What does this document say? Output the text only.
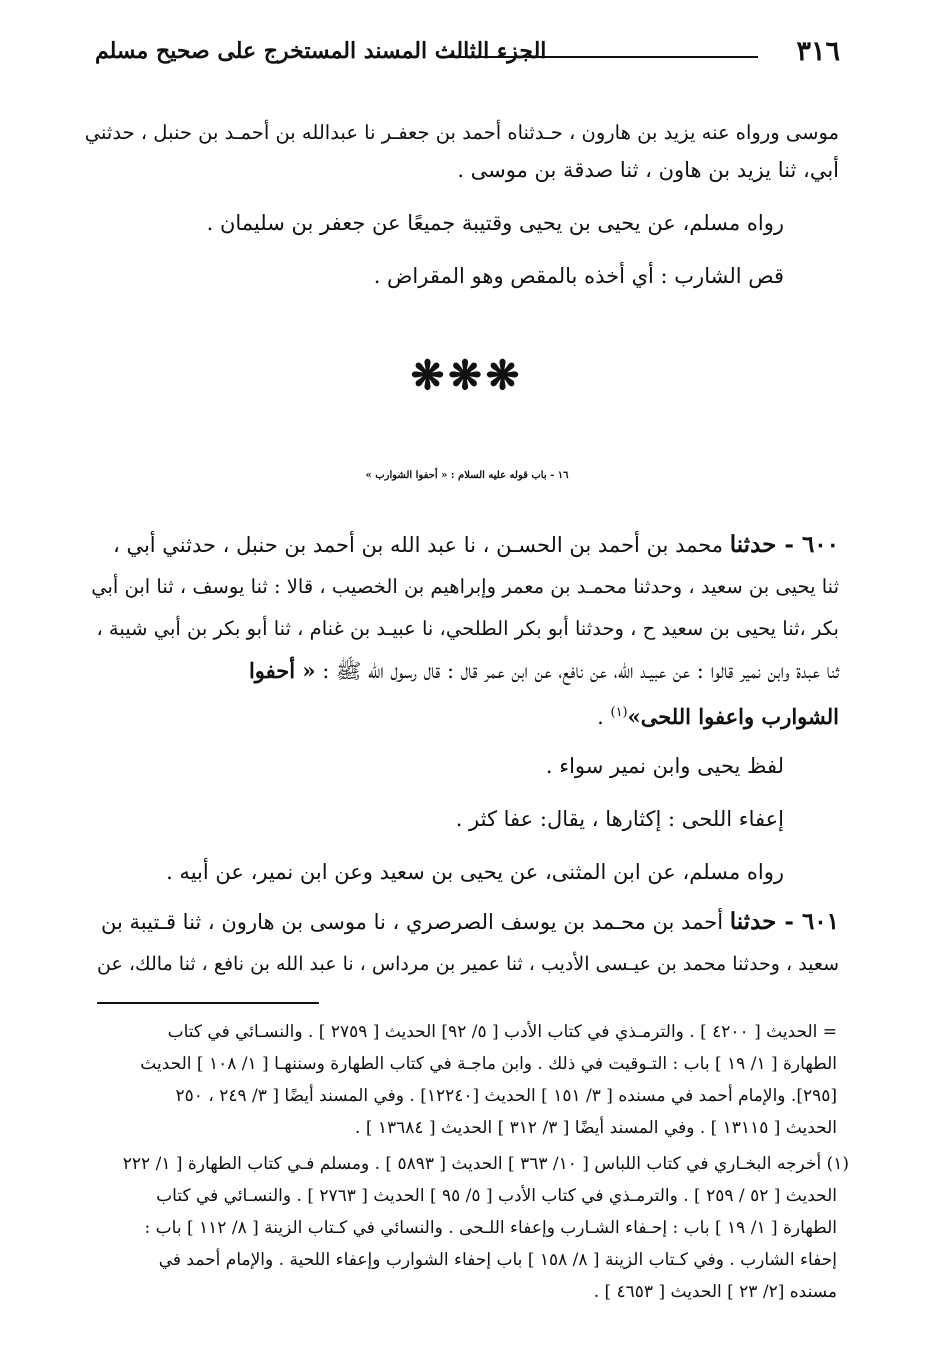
٣١٦
الجزء الثالث المسند المستخرج على صحيح مسلم
موسى ورواه عنه يزيد بن هارون ، حـدثناه أحمد بن جعفـر نا عبدالله بن أحمـد بن حنبل ، حدثني
أبي، ثنا يزيد بن هاون ، ثنا صدقة بن موسى .
رواه مسلم، عن يحيى بن يحيى وقتيبة جميعًا عن جعفر بن سليمان .
قص الشارب : أي أخذه بالمقص وهو المقراض .
❋❋❋
١٦ - باب قوله عليه السلام : « أحفوا الشوارب »
٦٠٠ - حدثنا محمد بن أحمد بن الحسـن ، نا عبد الله بن أحمد بن حنبل ، حدثني أبي ،
ثنا يحيى بن سعيد ، وحدثنا محمـد بن معمر وإبراهيم بن الخصيب ، قالا : ثنا يوسف ، ثنا ابن أبي
بكر ،ثنا يحيى بن سعيد ح ، وحدثنا أبو بكر الطلحي، نا عبيـد بن غنام ، ثنا أبو بكر بن أبي شيبة ،
ثنا عبدة وابن نمير قالوا : عن عبيـد الله، عن نافع، عن ابن عمر قال : قال رسول الله ﷺ : « أحفوا
الشوارب واعفوا اللحى»$^{(١)}$ .
لفظ يحيى وابن نمير سواء .
إعفاء اللحى : إكثارها ، يقال: عفا كثر .
رواه مسلم، عن ابن المثنى، عن يحيى بن سعيد وعن ابن نمير، عن أبيه .
٦٠١ - حدثنا أحمد بن محـمد بن يوسف الصرصري ، نا موسى بن هارون ، ثنا قـتيبة بن
سعيد ، وحدثنا محمد بن عيـسى الأديب ، ثنا عمير بن مرداس ، نا عبد الله بن نافع ، ثنا مالك، عن
= الحديث [ ٤٢٠٠ ] . والترمـذي في كتاب الأدب [ ٥/ ٩٢] الحديث [ ٢٧٥٩ ] . والنسـائي في كتاب
الطهارة [ ١/ ١٩ ] باب : التـوقيت في ذلك . وابن ماجـة في كتاب الطهارة وسننهـا [ ١/ ١٠٨ ] الحديث
[٢٩٥]. والإمام أحمد في مسنده [ ٣/ ١٥١ ] الحديث [١٢٢٤٠] . وفي المسند أيضًا [ ٣/ ٢٤٩ ، ٢٥٠
الحديث [ ١٣١١٥ ] . وفي المسند أيضًا [ ٣/ ٣١٢ ] الحديث [ ١٣٦٨٤ ] .
(١) أخرجه البخـاري في كتاب اللباس [ ١٠/ ٣٦٣ ] الحديث [ ٥٨٩٣ ] . ومسلم فـي كتاب الطهارة [ ١/ ٢٢٢
الحديث [ ٥٢ / ٢٥٩ ] . والترمـذي في كتاب الأدب [ ٥/ ٩٥ ] الحديث [ ٢٧٦٣ ] . والنسـائي في كتاب
الطهارة [ ١/ ١٩ ] باب : إحـفاء الشـارب وإعفاء اللـحى . والنسائي في كـتاب الزينة [ ٨/ ١١٢ ] باب :
إحفاء الشارب . وفي كـتاب الزينة [ ٨/ ١٥٨ ] باب إحفاء الشوارب وإعفاء اللحية . والإمام أحمد في
مسنده [٢/ ٢٣ ] الحديث [ ٤٦٥٣ ] .
